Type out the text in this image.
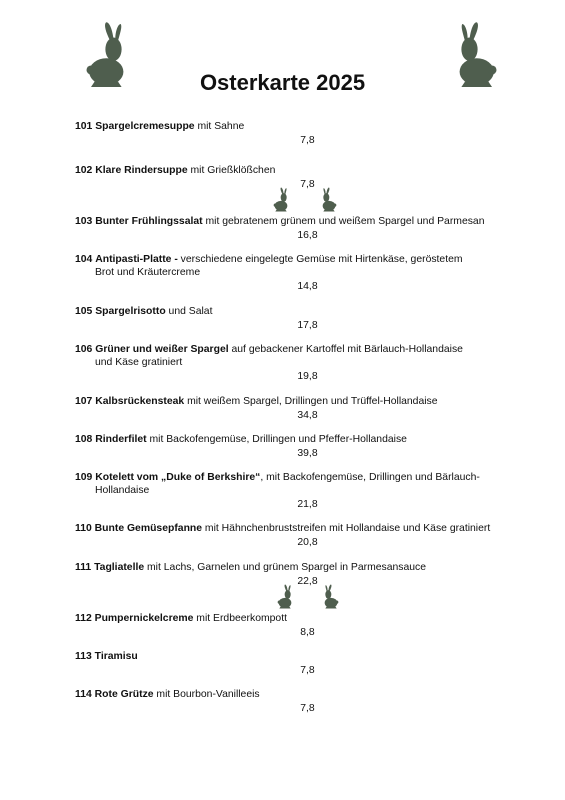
Osterkarte 2025
101 Spargelcremesuppe mit Sahne
7,8
102 Klare Rindersuppe mit Grießklößchen
7,8
103 Bunter Frühlingssalat mit gebratenem grünem und weißem Spargel und Parmesan
16,8
104 Antipasti-Platte - verschiedene eingelegte Gemüse mit Hirtenkäse, geröstetem
Brot und Kräutercreme
14,8
105 Spargelrisotto und Salat
17,8
106 Grüner und weißer Spargel auf gebackener Kartoffel mit Bärlauch-Hollandaise
und Käse gratiniert
19,8
107 Kalbsrückensteak mit weißem Spargel, Drillingen und Trüffel-Hollandaise
34,8
108 Rinderfilet mit Backofengemüse, Drillingen und Pfeffer-Hollandaise
39,8
109 Kotelett vom „Duke of Berkshire“, mit Backofengemüse, Drillingen und Bärlauch-
Hollandaise
21,8
110 Bunte Gemüsepfanne mit Hähnchenbruststreifen mit Hollandaise und Käse gratiniert
20,8
111 Tagliatelle mit Lachs, Garnelen und grünem Spargel in Parmesansauce
22,8
112 Pumpernickelcreme mit Erdbeerkompott
8,8
113 Tiramisu
7,8
114 Rote Grütze mit Bourbon-Vanilleeis
7,8
